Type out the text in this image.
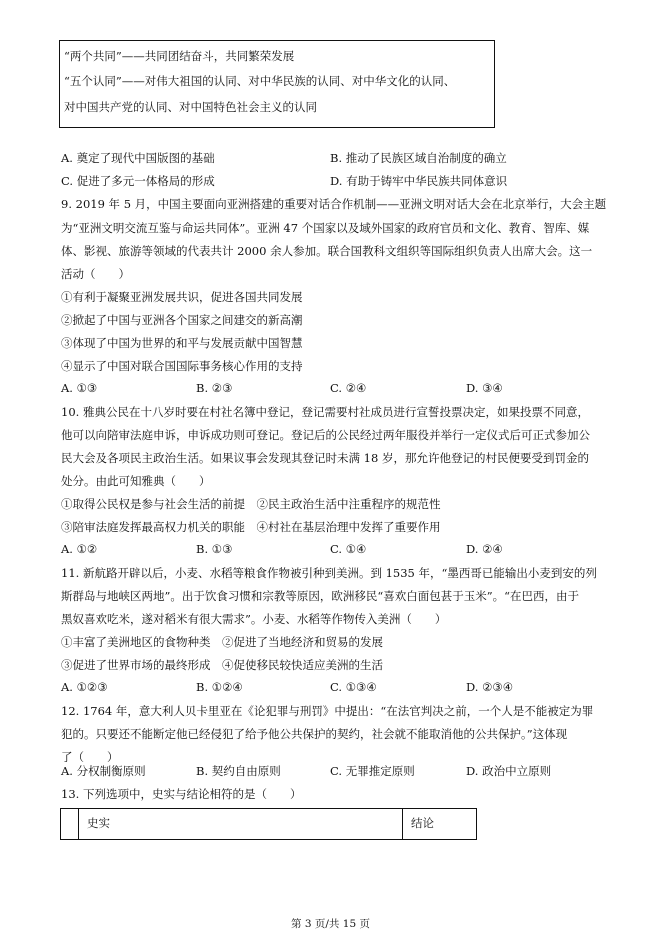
“两个共同”——共同团结奋斗，共同繁荣发展
“五个认同”——对伟大祖国的认同、对中华民族的认同、对中华文化的认同、
对中国共产党的认同、对中国特色社会主义的认同
A. 奠定了现代中国版图的基础	B. 推动了民族区域自治制度的确立
C. 促进了多元一体格局的形成	D. 有助于铸牢中华民族共同体意识
9. 2019 年 5 月，中国主要面向亚洲搭建的重要对话合作机制——亚洲文明对话大会在北京举行，大会主题
为“亚洲文明交流互鉴与命运共同体”。亚洲 47 个国家以及域外国家的政府官员和文化、教育、智库、媒
体、影视、旅游等领域的代表共计 2000 余人参加。联合国教科文组织等国际组织负责人出席大会。这一
活动（　　）
①有利于凝聚亚洲发展共识，促进各国共同发展
②掀起了中国与亚洲各个国家之间建交的新高潮
③体现了中国为世界的和平与发展贡献中国智慧
④显示了中国对联合国国际事务核心作用的支持
A. ①③	B. ②③	C. ②④	D. ③④
10. 雅典公民在十八岁时要在村社名簿中登记，登记需要村社成员进行宣誓投票决定，如果投票不同意，
他可以向陪审法庭申诉，申诉成功则可登记。登记后的公民经过两年服役并举行一定仪式后可正式参加公
民大会及各项民主政治生活。如果议事会发现其登记时未满 18 岁，那允许他登记的村民便要受到罚金的
处分。由此可知雅典（　　）
①取得公民权是参与社会生活的前提　②民主政治生活中注重程序的规范性
③陪审法庭发挥最高权力机关的职能　④村社在基层治理中发挥了重要作用
A. ①②	B. ①③	C. ①④	D. ②④
11. 新航路开辟以后，小麦、水稻等粮食作物被引种到美洲。到 1535 年，“墨西哥已能输出小麦到安的列
斯群岛与地峡区两地”。出于饮食习惯和宗教等原因，欧洲移民“喜欢白面包甚于玉米”。“在巴西，由于
黑奴喜欢吃米，遂对稻米有很大需求”。小麦、水稻等作物传入美洲（　　）
①丰富了美洲地区的食物种类　②促进了当地经济和贸易的发展
③促进了世界市场的最终形成　④促使移民较快适应美洲的生活
A. ①②③	B. ①②④	C. ①③④	D. ②③④
12. 1764 年，意大利人贝卡里亚在《论犯罪与刑罚》中提出：“在法官判决之前，一个人是不能被定为罪
犯的。只要还不能断定他已经侵犯了给予他公共保护的契约，社会就不能取消他的公共保护。”这体现
了（　　）
A. 分权制衡原则	B. 契约自由原则	C. 无罪推定原则	D. 政治中立原则
13. 下列选项中，史实与结论相符的是（　　）
史实	结论
第 3 页/共 15 页
